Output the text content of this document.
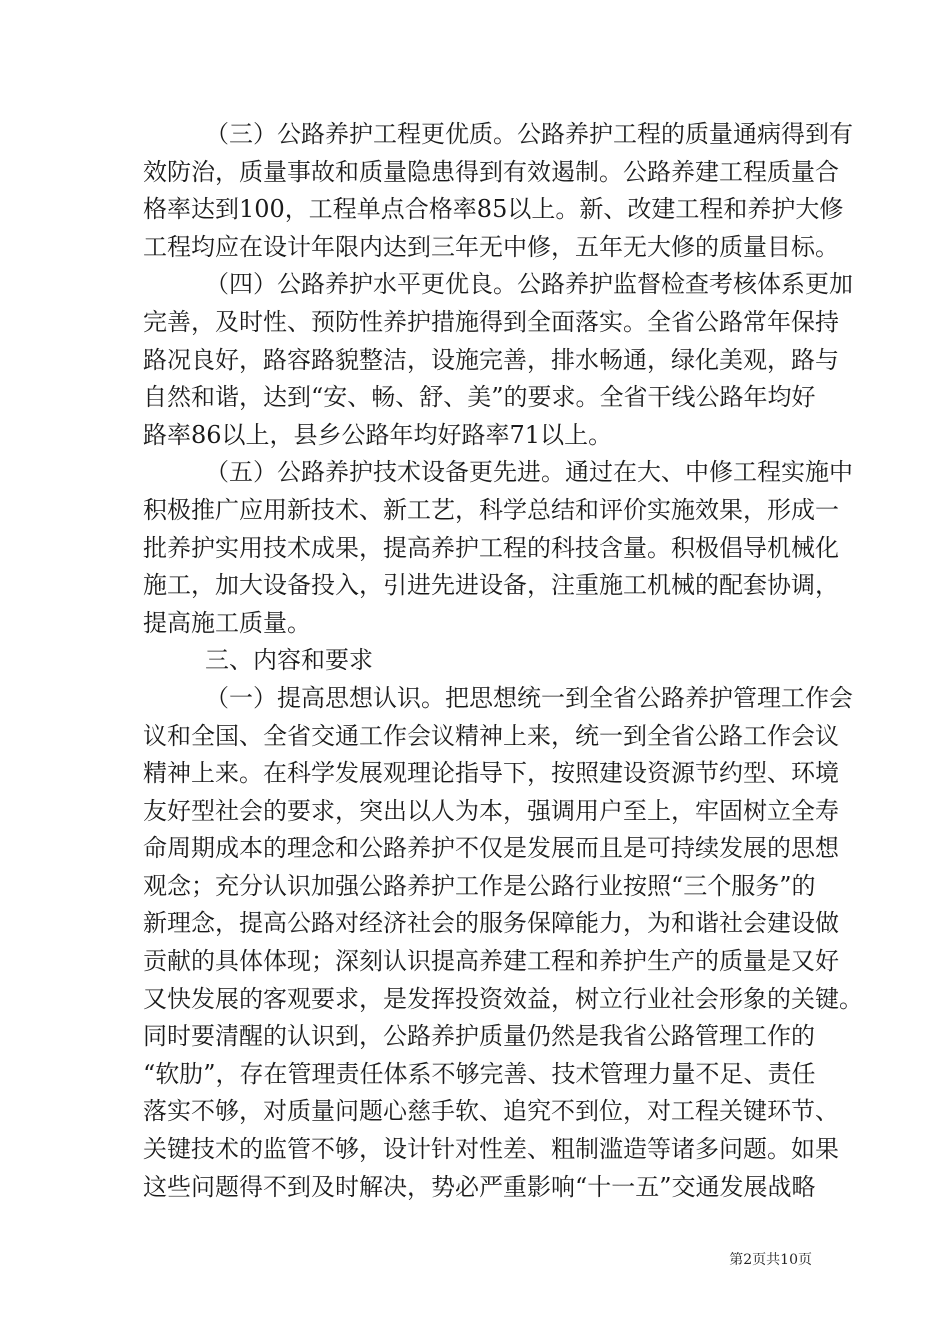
（三）公路养护工程更优质。公路养护工程的质量通病得到有
效防治，质量事故和质量隐患得到有效遏制。公路养建工程质量合
格率达到100，工程单点合格率85以上。新、改建工程和养护大修
工程均应在设计年限内达到三年无中修，五年无大修的质量目标。
（四）公路养护水平更优良。公路养护监督检查考核体系更加
完善，及时性、预防性养护措施得到全面落实。全省公路常年保持
路况良好，路容路貌整洁，设施完善，排水畅通，绿化美观，路与
自然和谐，达到“安、畅、舒、美”的要求。全省干线公路年均好
路率86以上，县乡公路年均好路率71以上。
（五）公路养护技术设备更先进。通过在大、中修工程实施中
积极推广应用新技术、新工艺，科学总结和评价实施效果，形成一
批养护实用技术成果，提高养护工程的科技含量。积极倡导机械化
施工，加大设备投入，引进先进设备，注重施工机械的配套协调，
提高施工质量。
三、内容和要求
（一）提高思想认识。把思想统一到全省公路养护管理工作会
议和全国、全省交通工作会议精神上来，统一到全省公路工作会议
精神上来。在科学发展观理论指导下，按照建设资源节约型、环境
友好型社会的要求，突出以人为本，强调用户至上，牢固树立全寿
命周期成本的理念和公路养护不仅是发展而且是可持续发展的思想
观念；充分认识加强公路养护工作是公路行业按照“三个服务”的
新理念，提高公路对经济社会的服务保障能力，为和谐社会建设做
贡献的具体体现；深刻认识提高养建工程和养护生产的质量是又好
又快发展的客观要求，是发挥投资效益，树立行业社会形象的关键。
同时要清醒的认识到，公路养护质量仍然是我省公路管理工作的
“软肋”，存在管理责任体系不够完善、技术管理力量不足、责任
落实不够，对质量问题心慈手软、追究不到位，对工程关键环节、
关键技术的监管不够，设计针对性差、粗制滥造等诸多问题。如果
这些问题得不到及时解决，势必严重影响“十一五”交通发展战略
第2页共10页
